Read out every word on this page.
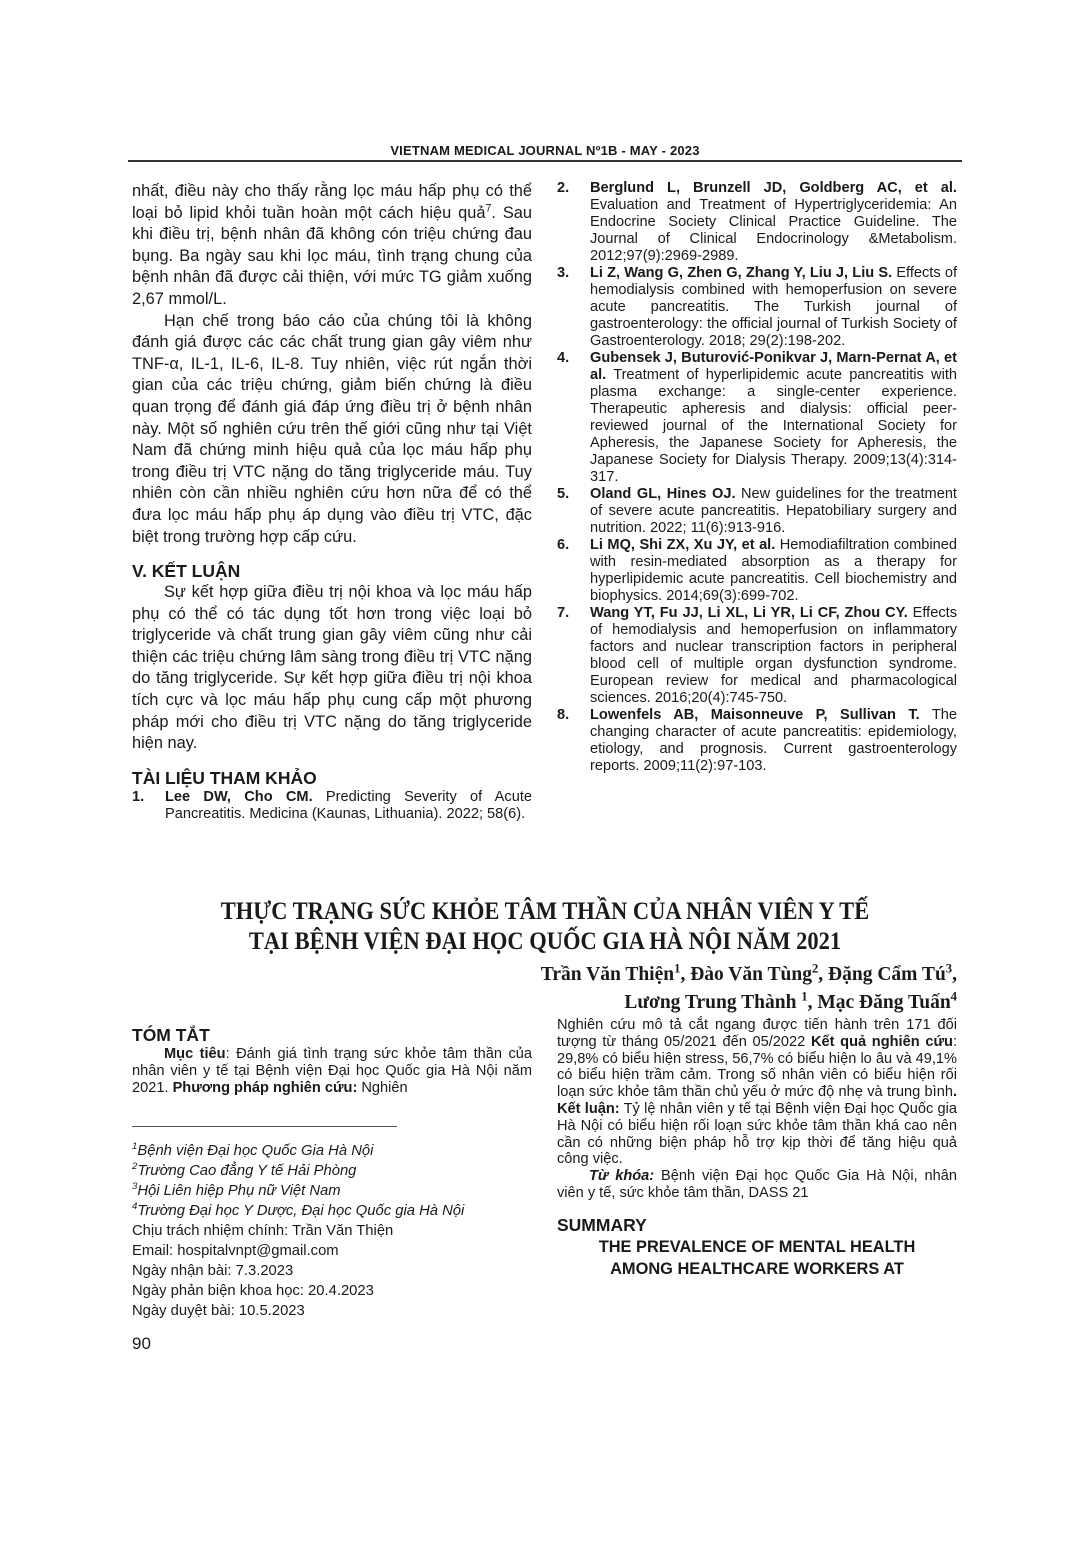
VIETNAM MEDICAL JOURNAL Nº1B - MAY - 2023

nhất, điều này cho thấy rằng lọc máu hấp phụ có thể loại bỏ lipid khỏi tuần hoàn một cách hiệu quả$^7$. Sau khi điều trị, bệnh nhân đã không cón triệu chứng đau bụng. Ba ngày sau khi lọc máu, tình trạng chung của bệnh nhân đã được cải thiện, với mức TG giảm xuống 2,67 mmol/L.

Hạn chế trong báo cáo của chúng tôi là không đánh giá được các các chất trung gian gây viêm như TNF-α, IL-1, IL-6, IL-8. Tuy nhiên, việc rút ngắn thời gian của các triệu chứng, giảm biến chứng là điều quan trọng để đánh giá đáp ứng điều trị ở bệnh nhân này. Một số nghiên cứu trên thế giới cũng như tại Việt Nam đã chứng minh hiệu quả của lọc máu hấp phụ trong điều trị VTC nặng do tăng triglyceride máu. Tuy nhiên còn cần nhiều nghiên cứu hơn nữa để có thể đưa lọc máu hấp phụ áp dụng vào điều trị VTC, đặc biệt trong trường hợp cấp cứu.

V. KẾT LUẬN

Sự kết hợp giữa điều trị nội khoa và lọc máu hấp phụ có thể có tác dụng tốt hơn trong việc loại bỏ triglyceride và chất trung gian gây viêm cũng như cải thiện các triệu chứng lâm sàng trong điều trị VTC nặng do tăng triglyceride. Sự kết hợp giữa điều trị nội khoa tích cực và lọc máu hấp phụ cung cấp một phương pháp mới cho điều trị VTC nặng do tăng triglyceride hiện nay.

TÀI LIỆU THAM KHẢO
1.	Lee DW, Cho CM. Predicting Severity of Acute Pancreatitis. Medicina (Kaunas, Lithuania). 2022; 58(6).
2.	Berglund L, Brunzell JD, Goldberg AC, et al. Evaluation and Treatment of Hypertriglyceridemia: An Endocrine Society Clinical Practice Guideline. The Journal of Clinical Endocrinology &Metabolism. 2012;97(9):2969-2989.
3.	Li Z, Wang G, Zhen G, Zhang Y, Liu J, Liu S. Effects of hemodialysis combined with hemoperfusion on severe acute pancreatitis. The Turkish journal of gastroenterology: the official journal of Turkish Society of Gastroenterology. 2018; 29(2):198-202.
4.	Gubensek J, Buturović-Ponikvar J, Marn-Pernat A, et al. Treatment of hyperlipidemic acute pancreatitis with plasma exchange: a single-center experience. Therapeutic apheresis and dialysis: official peer-reviewed journal of the International Society for Apheresis, the Japanese Society for Apheresis, the Japanese Society for Dialysis Therapy. 2009;13(4):314-317.
5.	Oland GL, Hines OJ. New guidelines for the treatment of severe acute pancreatitis. Hepatobiliary surgery and nutrition. 2022; 11(6):913-916.
6.	Li MQ, Shi ZX, Xu JY, et al. Hemodiafiltration combined with resin-mediated absorption as a therapy for hyperlipidemic acute pancreatitis. Cell biochemistry and biophysics. 2014;69(3):699-702.
7.	Wang YT, Fu JJ, Li XL, Li YR, Li CF, Zhou CY. Effects of hemodialysis and hemoperfusion on inflammatory factors and nuclear transcription factors in peripheral blood cell of multiple organ dysfunction syndrome. European review for medical and pharmacological sciences. 2016;20(4):745-750.
8.	Lowenfels AB, Maisonneuve P, Sullivan T. The changing character of acute pancreatitis: epidemiology, etiology, and prognosis. Current gastroenterology reports. 2009;11(2):97-103.
THỰC TRẠNG SỨC KHỎE TÂM THẦN CỦA NHÂN VIÊN Y TẾ
TẠI BỆNH VIỆN ĐẠI HỌC QUỐC GIA HÀ NỘI NĂM 2021
Trần Văn Thiện$^1$, Đào Văn Tùng$^2$, Đặng Cẩm $Tú^3$,
Lương Trung Thành $^1$, Mạc Đăng Tuấn$^4$
TÓM TẮT

Mục tiêu: Đánh giá tình trạng sức khỏe tâm thần của nhân viên y tế tại Bệnh viện Đại học Quốc gia Hà Nội năm 2021. Phương pháp nghiên cứu: Nghiên

$^1$Bệnh viện Đại học Quốc Gia Hà Nội
$^2$Trường Cao đẳng Y tế Hải Phòng
$^3$Hội Liên hiệp Phụ nữ Việt Nam
$^4$Trường Đại học Y Dược, Đại học Quốc gia Hà Nội
Chịu trách nhiệm chính: Trần Văn Thiện
Email: hospitalvnpt@gmail.com
Ngày nhận bài: 7.3.2023
Ngày phản biện khoa học: 20.4.2023
Ngày duyệt bài: 10.5.2023
90

Nghiên cứu mô tả cắt ngang được tiến hành trên 171 đối tượng từ tháng 05/2021 đến 05/2022 Kết quả nghiên cứu: 29,8% có biểu hiện stress, 56,7% có biểu hiện lo âu và 49,1% có biểu hiện trầm cảm. Trong số nhân viên có biểu hiện rối loạn sức khỏe tâm thần chủ yếu ở mức độ nhẹ và trung bình. Kết luận: Tỷ lệ nhân viên y tế tại Bệnh viện Đại học Quốc gia Hà Nội có biểu hiện rối loạn sức khỏe tâm thần khá cao nên cần có những biện pháp hỗ trợ kịp thời để tăng hiệu quả công việc.

Từ khóa: Bệnh viện Đại học Quốc Gia Hà Nội, nhân viên y tế, sức khỏe tâm thần, DASS 21

SUMMARY
THE PREVALENCE OF MENTAL HEALTH
AMONG HEALTHCARE WORKERS AT
